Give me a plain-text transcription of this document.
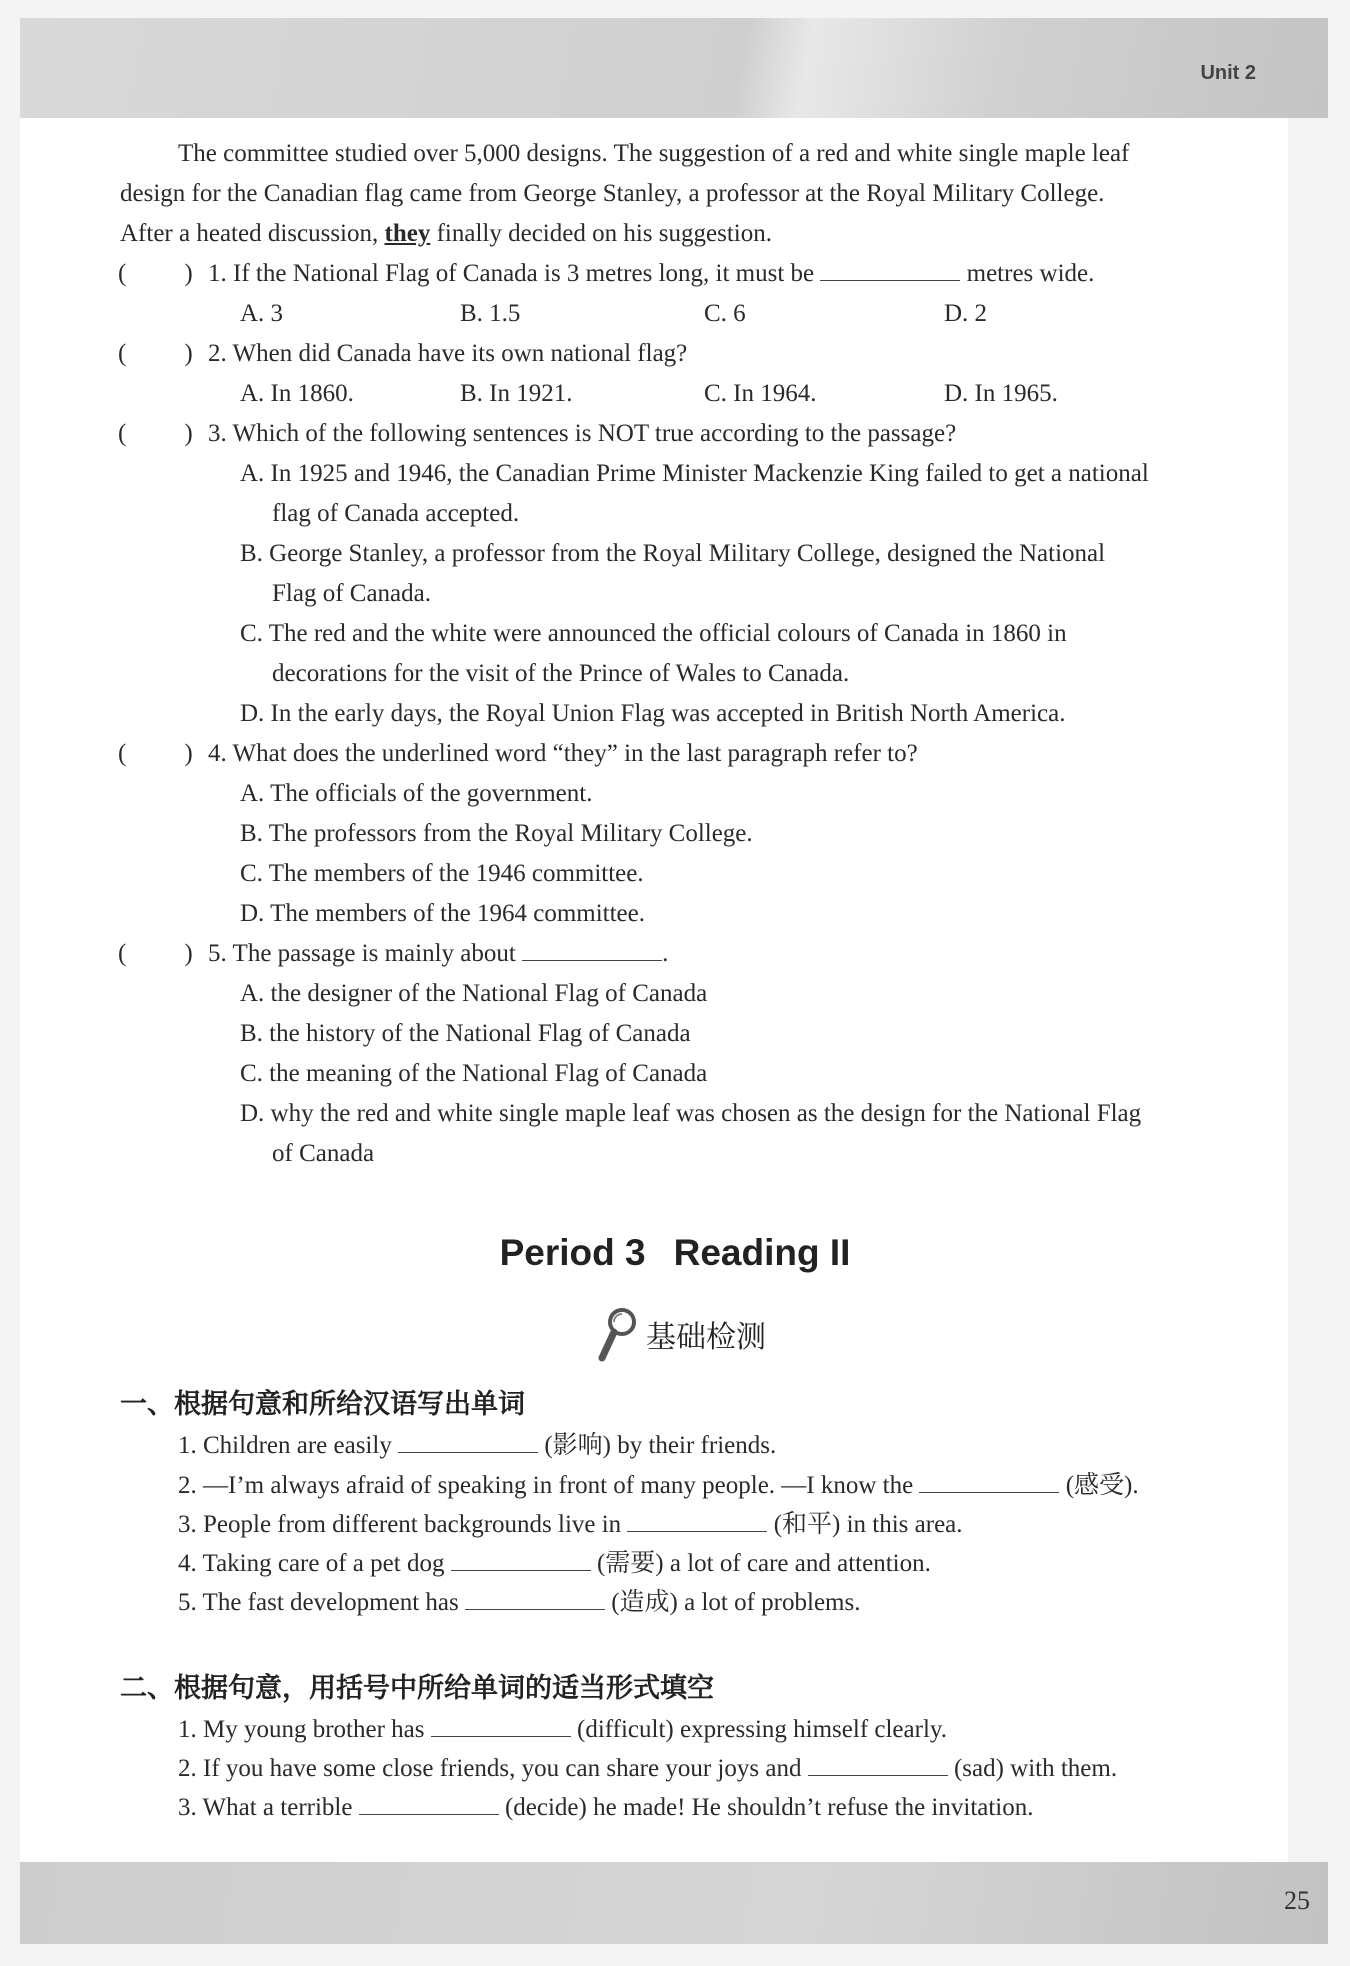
Unit 2
The committee studied over 5,000 designs. The suggestion of a red and white single maple leaf
design for the Canadian flag came from George Stanley, a professor at the Royal Military College.
After a heated discussion, they finally decided on his suggestion.
( ) 1. If the National Flag of Canada is 3 metres long, it must be	metres wide.
A. 3	B. 1.5	C. 6	D. 2
( ) 2. When did Canada have its own national flag?
A. In 1860.	B. In 1921.	C. In 1964.	D. In 1965.
( ) 3. Which of the following sentences is NOT true according to the passage?
A. In 1925 and 1946, the Canadian Prime Minister Mackenzie King failed to get a national
flag of Canada accepted.
B. George Stanley, a professor from the Royal Military College, designed the National
Flag of Canada.
C. The red and the white were announced the official colours of Canada in 1860 in
decorations for the visit of the Prince of Wales to Canada.
D. In the early days, the Royal Union Flag was accepted in British North America.
( ) 4. What does the underlined word “they” in the last paragraph refer to?
A. The officials of the government.
B. The professors from the Royal Military College.
C. The members of the 1946 committee.
D. The members of the 1964 committee.
( ) 5. The passage is mainly about	.
A. the designer of the National Flag of Canada
B. the history of the National Flag of Canada
C. the meaning of the National Flag of Canada
D. why the red and white single maple leaf was chosen as the design for the National Flag
of Canada
Period 3 Reading II
基础检测
一、根据句意和所给汉语写出单词
1. Children are easily	(影响) by their friends.
2. —I’m always afraid of speaking in front of many people. —I know the	(感受).
3. People from different backgrounds live in	(和平) in this area.
4. Taking care of a pet dog	(需要) a lot of care and attention.
5. The fast development has	(造成) a lot of problems.
二、根据句意，用括号中所给单词的适当形式填空
1. My young brother has	(difficult) expressing himself clearly.
2. If you have some close friends, you can share your joys and	(sad) with them.
3. What a terrible	(decide) he made! He shouldn’t refuse the invitation.
25
